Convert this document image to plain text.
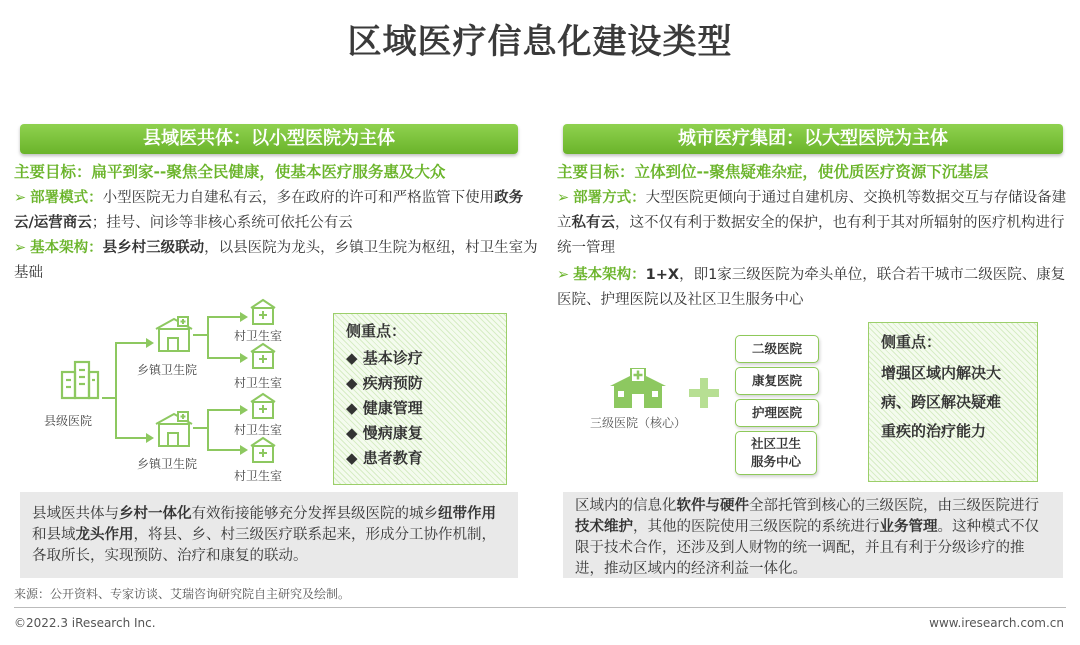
区域医疗信息化建设类型
县域医共体：以小型医院为主体
主要目标：扁平到家--聚焦全民健康，使基本医疗服务惠及大众
➢ 部署模式：小型医院无力自建私有云，多在政府的许可和严格监管下使用政务云/运营商云；挂号、问诊等非核心系统可依托公有云
➢ 基本架构：县乡村三级联动，以县医院为龙头，乡镇卫生院为枢纽，村卫生室为基础
县级医院
乡镇卫生院
乡镇卫生院
村卫生室
村卫生室
村卫生室
村卫生室
侧重点：
◆ 基本诊疗
◆ 疾病预防
◆ 健康管理
◆ 慢病康复
◆ 患者教育
县域医共体与乡村一体化有效衔接能够充分发挥县级医院的城乡纽带作用和县域龙头作用，将县、乡、村三级医疗联系起来，形成分工协作机制，各取所长，实现预防、治疗和康复的联动。
城市医疗集团：以大型医院为主体
主要目标：立体到位--聚焦疑难杂症，使优质医疗资源下沉基层
➢ 部署方式：大型医院更倾向于通过自建机房、交换机等数据交互与存储设备建立私有云，这不仅有利于数据安全的保护，也有利于其对所辐射的医疗机构进行统一管理
➢ 基本架构：1+X，即1家三级医院为牵头单位，联合若干城市二级医院、康复医院、护理医院以及社区卫生服务中心
三级医院（核心）
二级医院
康复医院
护理医院
社区卫生
服务中心
侧重点：
增强区域内解决大
病、跨区解决疑难
重疾的治疗能力
区域内的信息化软件与硬件全部托管到核心的三级医院，由三级医院进行技术维护，其他的医院使用三级医院的系统进行业务管理。这种模式不仅限于技术合作，还涉及到人财物的统一调配，并且有利于分级诊疗的推进，推动区域内的经济利益一体化。
来源：公开资料、专家访谈、艾瑞咨询研究院自主研究及绘制。
©2022.3 iResearch Inc.	www.iresearch.com.cn
